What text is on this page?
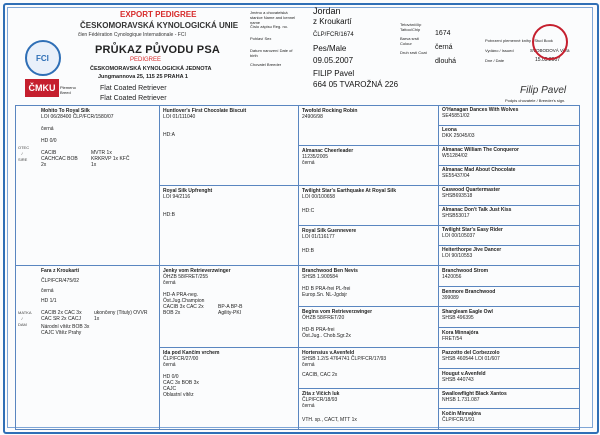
FCI
ČMKU
EXPORT PEDIGREE
ČESKOMORAVSKÁ KYNOLOGICKÁ UNIE
člen Fédération Cynologique Internationale - FCI
PRŮKAZ PŮVODU PSA
PEDIGREE
ČESKOMORAVSKÁ KYNOLOGICKÁ JEDNOTA
Jungmannova 25, 115 25 PRAHA 1
Plemeno Breed
Flat Coated Retriever
Flat Coated Retriever
Jméno a chovatelská stanice Name and kennel name
Číslo zápisu Reg. no.
Pohlaví Sex
Datum narození Date of birth
Chovatel Breeder
Jordan
z Kroukartí
ČLP/FCR/1674
Pes/Male
09.05.2007
FILIP Pavel
664 05 TVAROŽNÁ 226
Tetování/čip Tattoo/Chip
Barva srsti Colour
Druh srsti Coat
1674
černá
dlouhá
Potvrzení plemenné knihy / Stud Book
Vydáno / Issued	SVOBODOVÁ Věra
Dne / Date	15.05.2007
Filip Pavel
Podpis chovatele / Breeder's sign.
OTEC / SIRE
MATKA / DAM
Mohito To Royal Silk
LOI 06/28400 ČLP/FCR/1580/07
černá
HD 0/0
CACIB CACHCAC BOB 2x
MVTR 1x KRKRVP 1x KFČ 1x
Huntlover's First Chocolate Biscuit
LOI 01/111040
HD:A
Royal Silk Upfrenght
LOI 94/2116
HD:B
Twofold Rocking Robin
24906/98
Almanac Cheerleader
11235/2005
černá
Twilight Star's Earthquake At Royal Silk
LOI 00/100658
HD:C
Royal Silk Guennevere
LOI 01/116177
HD:B
O'Hanagan Dances With Wolves
SE45851/02
Leona
DKK 25045/03
Almanac William The Conqueror
W51284/02
Almanac Mad About Chocolate
SE55437/04
Caswood Quartermaster
SHSB693518
Almanac Don't Talk Just Kiss
SHSB53017
Twilight Star's Easy Rider
LOI 00/105037
Heiterthorpe Jive Dancer
LOI 90/10553
Fara z Kroukartí
ČLP/FCR/475/02
černá
HD 1/1
CACIB 2x CAC 3x CAC SR 2x CACJ
ukončeny (Tituly) OVVR 1x
Národní vítěz BOB 3x CAJC Vítěz Prahy
Jenky vom Retrieverzwinger
ÖHZB 58/FRET/255
černá
HD-A PRA-neg.
Öst.Jug.Champion
CACIB 3x CAC 2x BOB 2x
BP-A BP-B Agility-PKI
Ida pod Kančím vrchem
ČLP/FCR/27/00
černá
HD 0/0
CAC 3x BOB 3x CAJC
Oblastní vítěz
Branchwood Ben Nevis
SHSB 1.900584
HD B PRA-frei PL-frei
Europ.Sn. NL-Jgdsjr
Begins vom Retrieverzwinger
ÖHZB 58/FRET/20
HD-B PRA-frei
Öst.Jug.. Chob.Sgr.2x
Hortensius v.Avenfeld
SHSB 1.2/S 4764741 ČLP/FCR/17/93
černá
CACIB, CAC 2x
Zita z Vičích luk
ČLP/FCR/18/93
černá
VTH. sp., CACT, MTT 1x
Branchwood Strom
1420056
Benmore Branchwood
399089
Shargleam Eagle Owl
SHSB 496395
Kora Minnajóra
FRET/54
Pazzotto del Corbezzolo
SHSB 460544 LOI 01/607
Hougut v.Avenfeld
SHSB 440743
Swallowflight Black Xantos
NHSB 1.731.087
Kočín Minnajóra
ČLP/FCR/1/91
